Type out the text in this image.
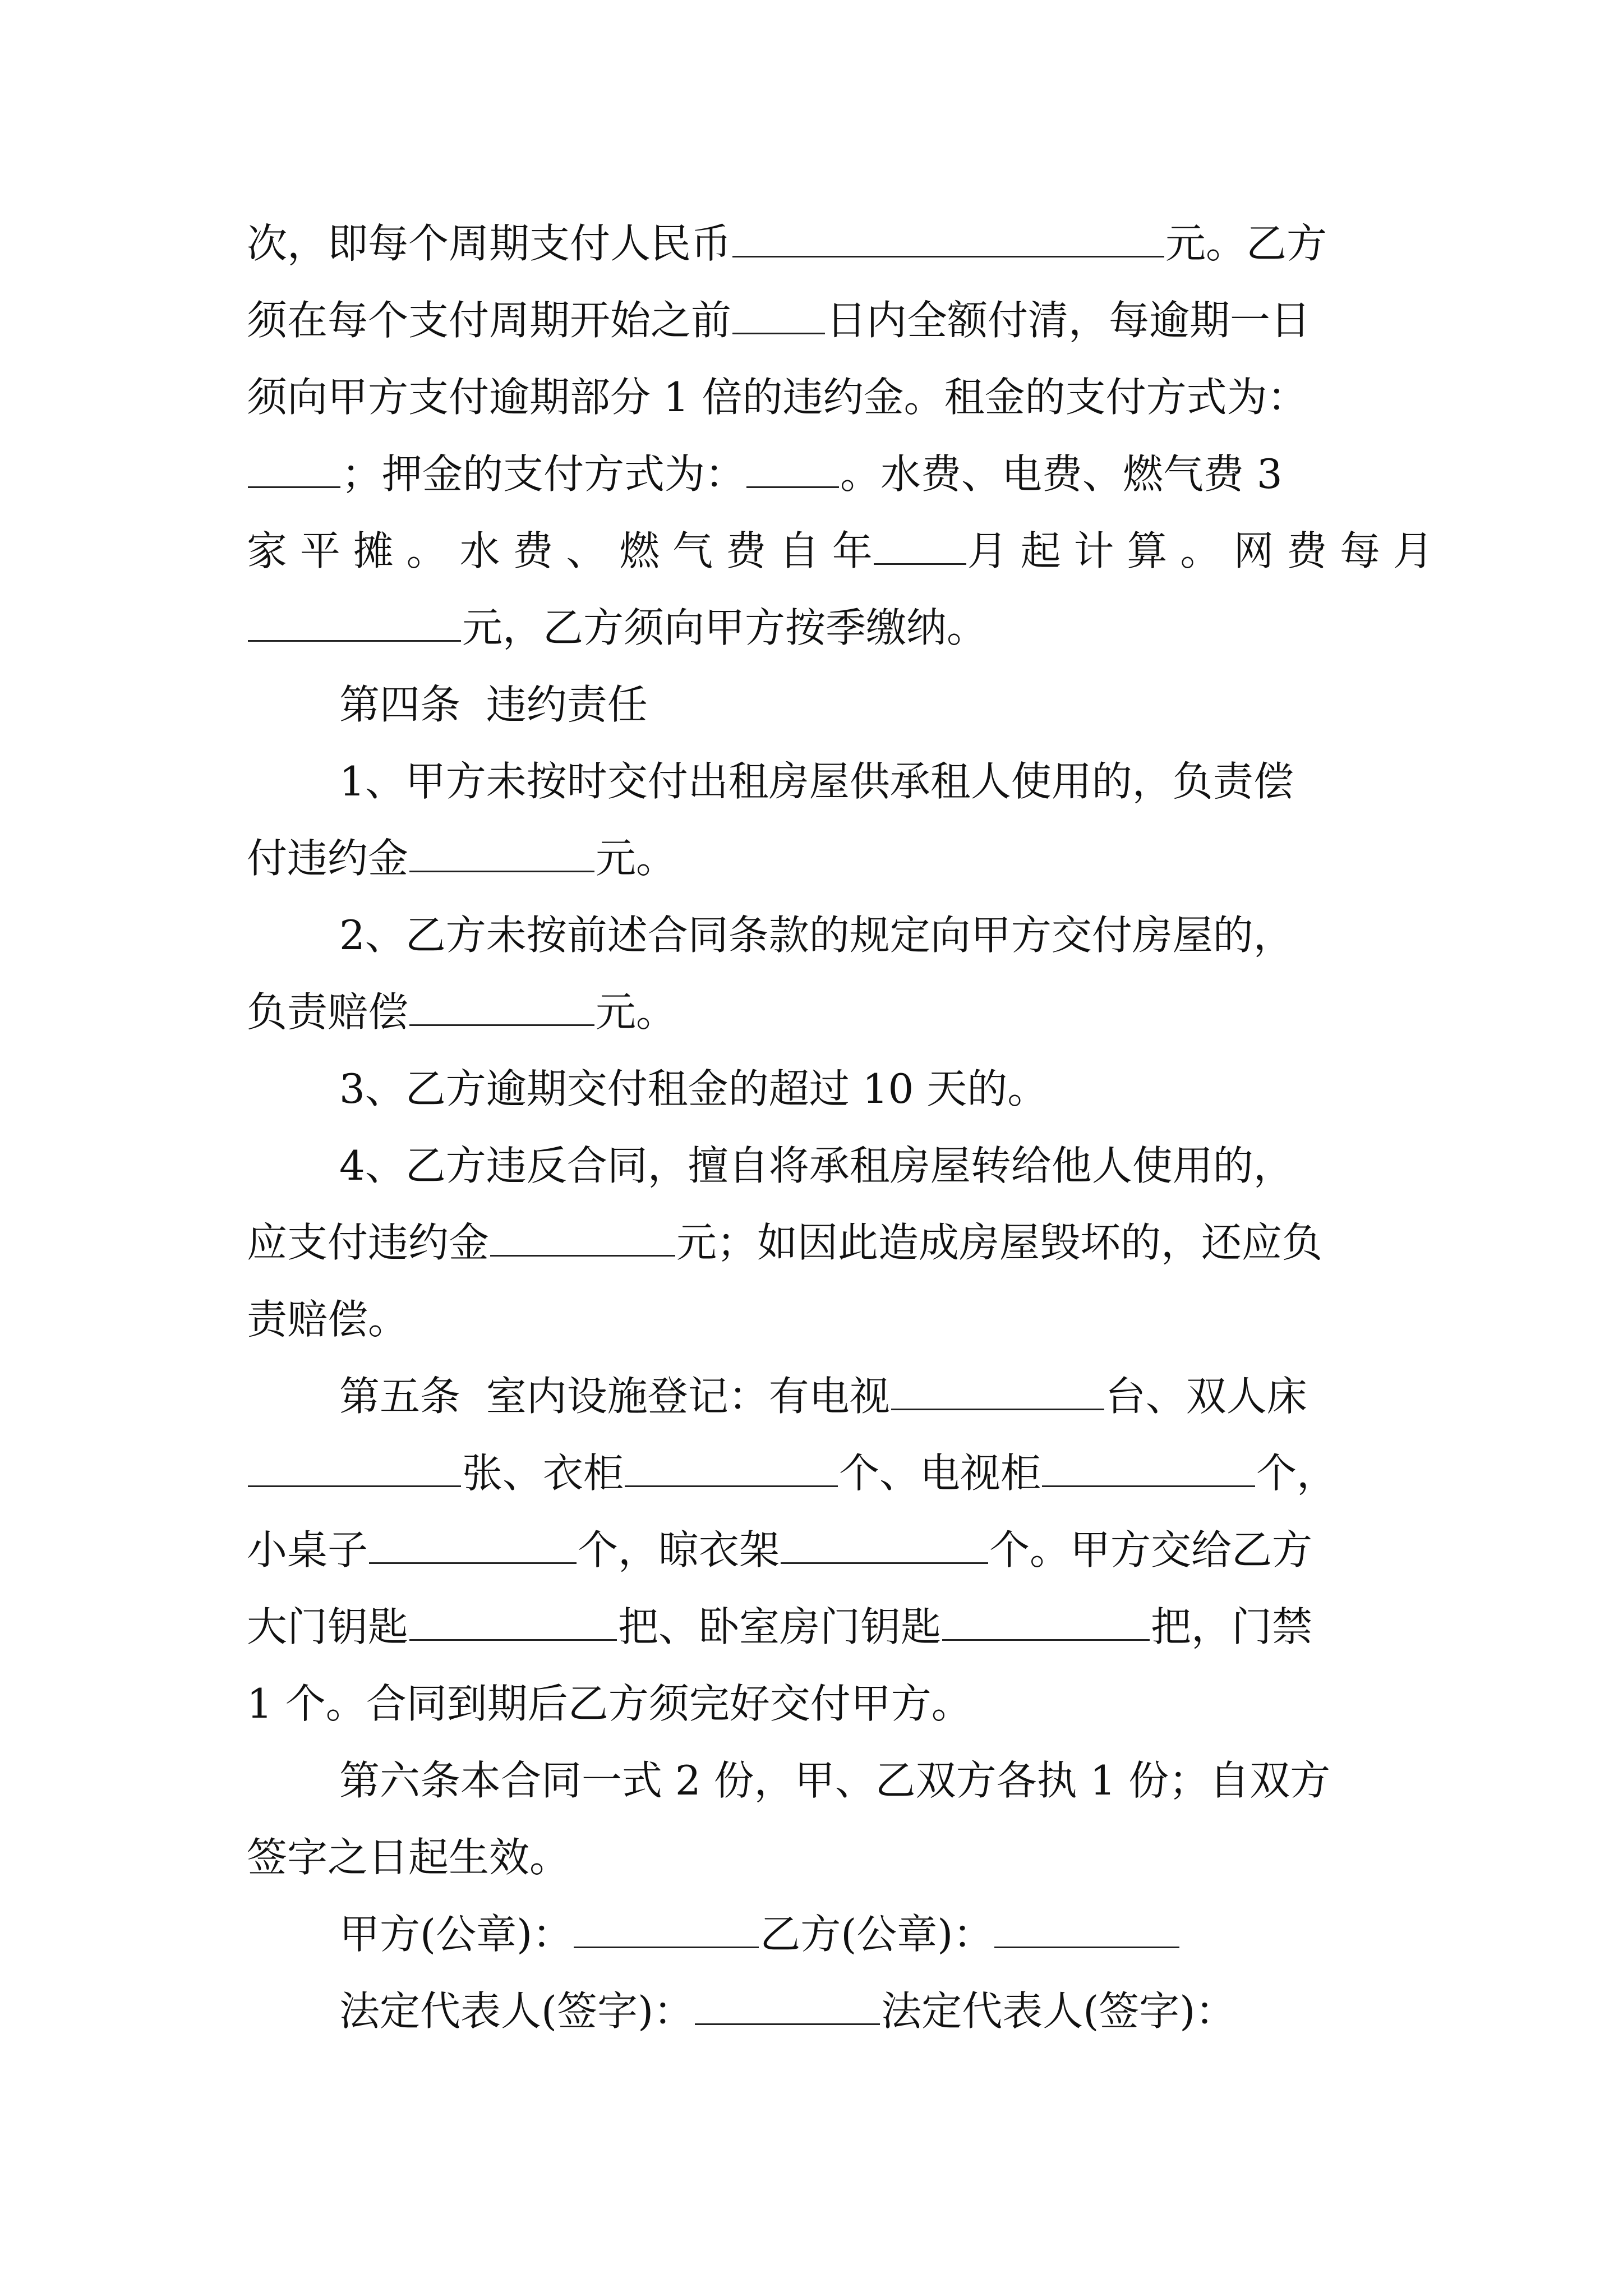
次，即每个周期支付人民币	元。乙方
须在每个支付周期开始之前 日内全额付清，每逾期一日
须向甲方支付逾期部分 1 倍的违约金。租金的支付方式为：
；押金的支付方式为： 。水费、电费、燃气费 3
家 平 摊 。 水 费 、 燃 气 费 自 年 月 起 计 算 。 网 费 每 月
元，乙方须向甲方按季缴纳。
第四条  违约责任
1、甲方未按时交付出租房屋供承租人使用的，负责偿
付违约金	元。
2、乙方未按前述合同条款的规定向甲方交付房屋的，
负责赔偿	元。
3、乙方逾期交付租金的超过 10 天的。
4、乙方违反合同，擅自将承租房屋转给他人使用的，
应支付违约金	元；如因此造成房屋毁坏的，还应负
责赔偿。
第五条  室内设施登记：有电视	台、双人床
张、衣柜	个、电视柜	个，
小桌子	个，晾衣架	个。甲方交给乙方
大门钥匙	把、卧室房门钥匙	把，门禁
1 个。合同到期后乙方须完好交付甲方。
第六条本合同一式 2 份，甲、乙双方各执 1 份；自双方
签字之日起生效。
甲方(公章)：	乙方(公章)：
法定代表人(签字)：	法定代表人(签字)：
